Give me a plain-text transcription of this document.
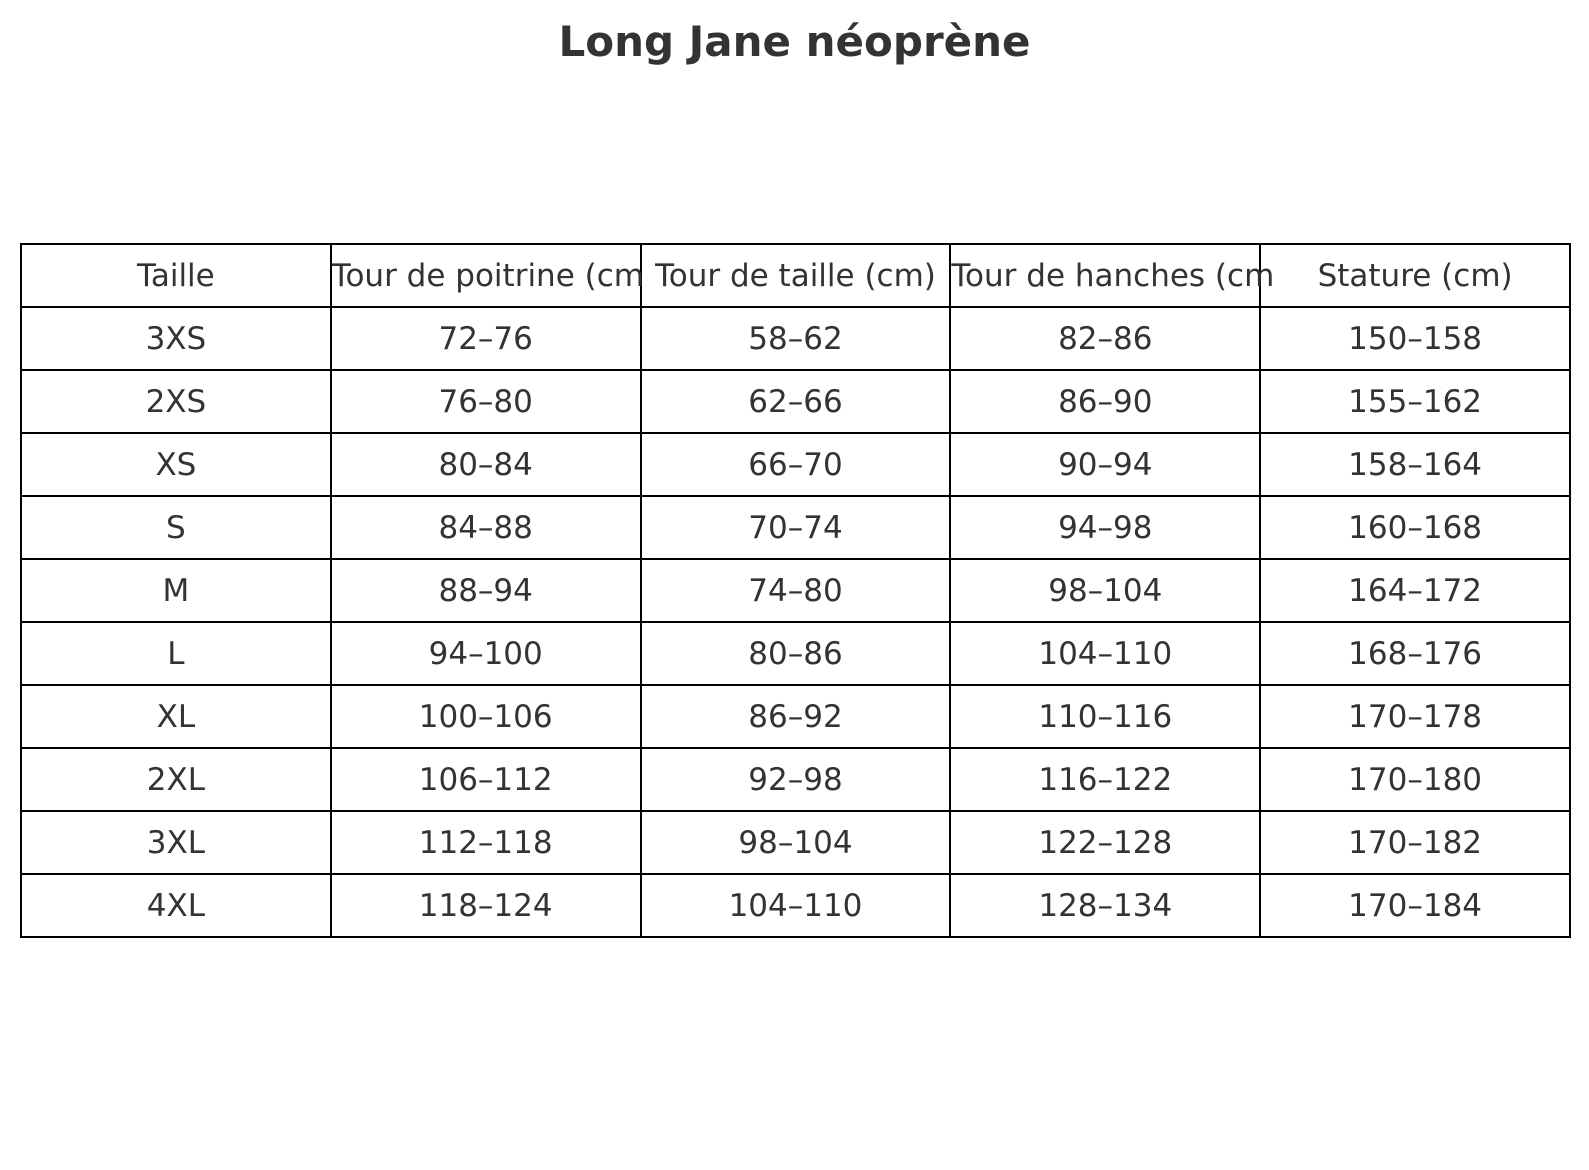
Long Jane néoprène
Taille	Tour de poitrine (cm	Tour de taille (cm)	Tour de hanches (cm	Stature (cm)
3XS	72–76	58–62	82–86	150–158
2XS	76–80	62–66	86–90	155–162
XS	80–84	66–70	90–94	158–164
S	84–88	70–74	94–98	160–168
M	88–94	74–80	98–104	164–172
L	94–100	80–86	104–110	168–176
XL	100–106	86–92	110–116	170–178
2XL	106–112	92–98	116–122	170–180
3XL	112–118	98–104	122–128	170–182
4XL	118–124	104–110	128–134	170–184
